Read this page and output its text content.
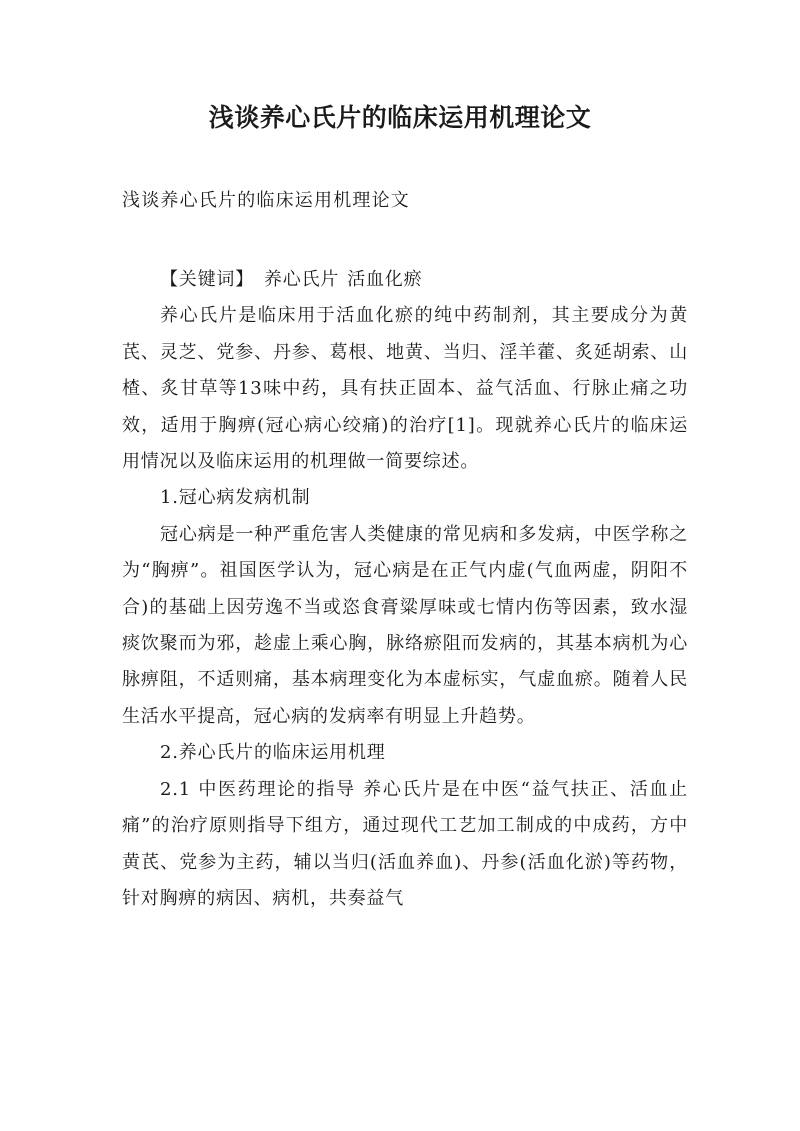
浅谈养心氏片的临床运用机理论文

浅谈养心氏片的临床运用机理论文

【关键词】 养心氏片 活血化瘀

养心氏片是临床用于活血化瘀的纯中药制剂，其主要成分为黄芪、灵芝、党参、丹参、葛根、地黄、当归、淫羊藿、炙延胡索、山楂、炙甘草等13味中药，具有扶正固本、益气活血、行脉止痛之功效，适用于胸痹(冠心病心绞痛)的治疗[1]。现就养心氏片的临床运用情况以及临床运用的机理做一简要综述。

1.冠心病发病机制

冠心病是一种严重危害人类健康的常见病和多发病，中医学称之为“胸痹”。祖国医学认为，冠心病是在正气内虚(气血两虚，阴阳不合)的基础上因劳逸不当或恣食膏粱厚味或七情内伤等因素，致水湿痰饮聚而为邪，趁虚上乘心胸，脉络瘀阻而发病的，其基本病机为心脉痹阻，不适则痛，基本病理变化为本虚标实，气虚血瘀。随着人民生活水平提高，冠心病的发病率有明显上升趋势。

2.养心氏片的临床运用机理

2.1 中医药理论的指导 养心氏片是在中医“益气扶正、活血止痛”的治疗原则指导下组方，通过现代工艺加工制成的中成药，方中黄芪、党参为主药，辅以当归(活血养血)、丹参(活血化淤)等药物，针对胸痹的病因、病机，共奏益气
